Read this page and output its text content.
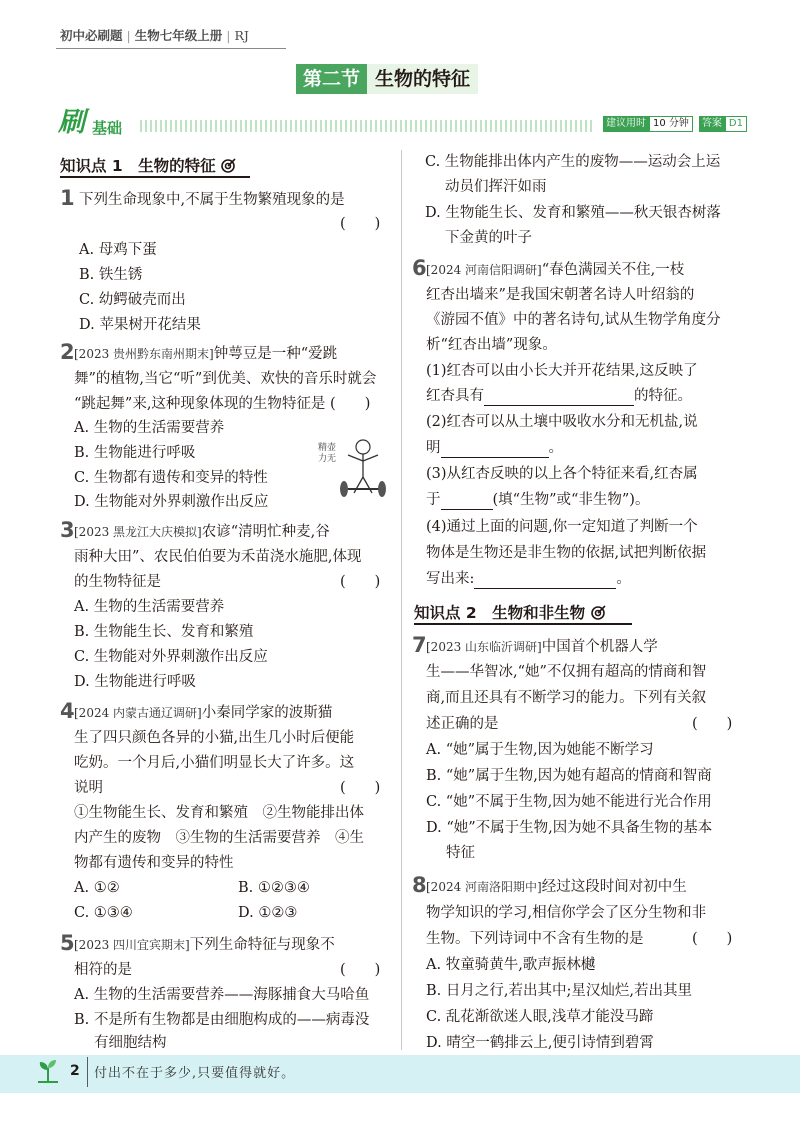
初中必刷题 | 生物七年级上册 | RJ
第二节 生物的特征
刷 基础	建议用时 10 分钟	答案 D1
知识点 1　生物的特征
1 下列生命现象中,不属于生物繁殖现象的是
(　　)
A. 母鸡下蛋
B. 铁生锈
C. 幼鳄破壳而出
D. 苹果树开花结果
2 [2023 贵州黔东南州期末]钟萼豆是一种“爱跳
舞”的植物,当它“听”到优美、欢快的音乐时就会
“跳起舞”来,这种现象体现的生物特征是 (　　)
A. 生物的生活需要营养
B. 生物能进行呼吸
C. 生物都有遗传和变异的特性
D. 生物能对外界刺激作出反应
精壶
力无
3 [2023 黑龙江大庆模拟]农谚“清明忙种麦,谷
雨种大田”、农民伯伯要为禾苗浇水施肥,体现
的生物特征是	(　　)
A. 生物的生活需要营养
B. 生物能生长、发育和繁殖
C. 生物能对外界刺激作出反应
D. 生物能进行呼吸
4 [2024 内蒙古通辽调研]小秦同学家的波斯猫
生了四只颜色各异的小猫,出生几小时后便能
吃奶。一个月后,小猫们明显长大了许多。这
说明	(　　)
①生物能生长、发育和繁殖　②生物能排出体
内产生的废物　③生物的生活需要营养　④生
物都有遗传和变异的特性
A. ①②	B. ①②③④
C. ①③④	D. ①②③
5 [2023 四川宜宾期末]下列生命特征与现象不
相符的是	(　　)
A. 生物的生活需要营养——海豚捕食大马哈鱼
B. 不是所有生物都是由细胞构成的——病毒没
有细胞结构
C. 生物能排出体内产生的废物——运动会上运
动员们挥汗如雨
D. 生物能生长、发育和繁殖——秋天银杏树落
下金黄的叶子
6 [2024 河南信阳调研]“春色满园关不住,一枝
红杏出墙来”是我国宋朝著名诗人叶绍翁的
《游园不值》中的著名诗句,试从生物学角度分
析“红杏出墙”现象。
(1)红杏可以由小长大并开花结果,这反映了
红杏具有	的特征。
(2)红杏可以从土壤中吸收水分和无机盐,说
明	。
(3)从红杏反映的以上各个特征来看,红杏属
于	(填“生物”或“非生物”)。
(4)通过上面的问题,你一定知道了判断一个
物体是生物还是非生物的依据,试把判断依据
写出来:	。
知识点 2　生物和非生物
7 [2023 山东临沂调研]中国首个机器人学
生——华智冰,“她”不仅拥有超高的情商和智
商,而且还具有不断学习的能力。下列有关叙
述正确的是	(　　)
A. “她”属于生物,因为她能不断学习
B. “她”属于生物,因为她有超高的情商和智商
C. “她”不属于生物,因为她不能进行光合作用
D. “她”不属于生物,因为她不具备生物的基本
特征
8 [2024 河南洛阳期中]经过这段时间对初中生
物学知识的学习,相信你学会了区分生物和非
生物。下列诗词中不含有生物的是	(　　)
A. 牧童骑黄牛,歌声振林樾
B. 日月之行,若出其中;星汉灿烂,若出其里
C. 乱花渐欲迷人眼,浅草才能没马蹄
D. 晴空一鹤排云上,便引诗情到碧霄
2 付出不在于多少,只要值得就好。
